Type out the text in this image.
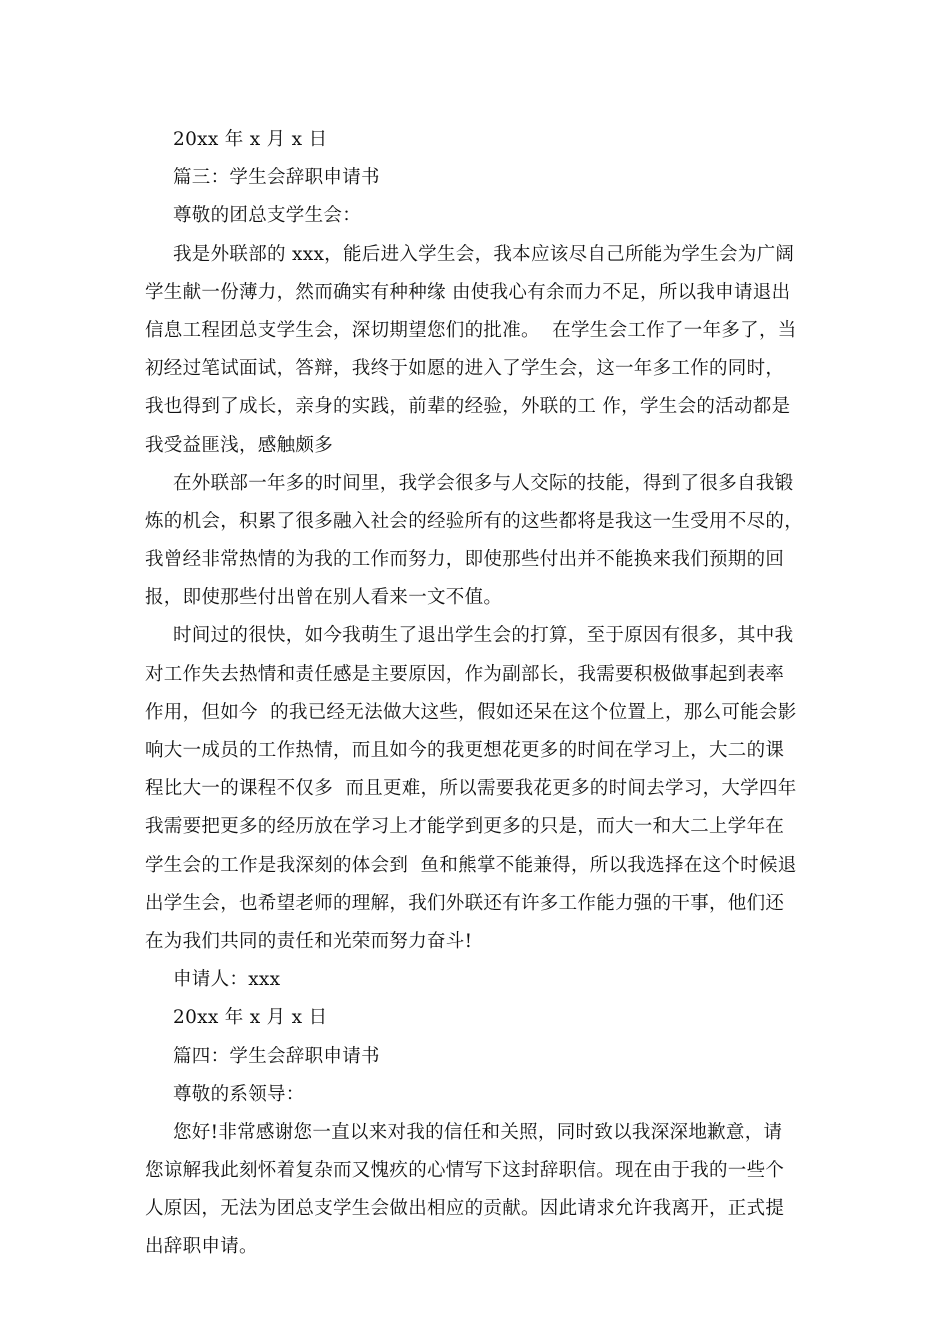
20xx 年 x 月 x 日

篇三：学生会辞职申请书

尊敬的团总支学生会：

我是外联部的 xxx，能后进入学生会，我本应该尽自己所能为学生会为广阔

学生献一份薄力，然而确实有种种缘 由使我心有余而力不足，所以我申请退出

信息工程团总支学生会，深切期望您们的批准。  在学生会工作了一年多了，当

初经过笔试面试，答辩，我终于如愿的进入了学生会，这一年多工作的同时，

我也得到了成长，亲身的实践，前辈的经验，外联的工 作，学生会的活动都是

我受益匪浅，感触颇多

在外联部一年多的时间里，我学会很多与人交际的技能，得到了很多自我锻

炼的机会，积累了很多融入社会的经验所有的这些都将是我这一生受用不尽的，

我曾经非常热情的为我的工作而努力，即使那些付出并不能换来我们预期的回

报，即使那些付出曾在别人看来一文不值。

时间过的很快，如今我萌生了退出学生会的打算，至于原因有很多，其中我

对工作失去热情和责任感是主要原因，作为副部长，我需要积极做事起到表率

作用，但如今  的我已经无法做大这些，假如还呆在这个位置上，那么可能会影

响大一成员的工作热情，而且如今的我更想花更多的时间在学习上，大二的课

程比大一的课程不仅多  而且更难，所以需要我花更多的时间去学习，大学四年

我需要把更多的经历放在学习上才能学到更多的只是，而大一和大二上学年在

学生会的工作是我深刻的体会到  鱼和熊掌不能兼得，所以我选择在这个时候退

出学生会，也希望老师的理解，我们外联还有许多工作能力强的干事，他们还

在为我们共同的责任和光荣而努力奋斗!

申请人：xxx

20xx 年 x 月 x 日

篇四：学生会辞职申请书

尊敬的系领导：

您好!非常感谢您一直以来对我的信任和关照，同时致以我深深地歉意，请

您谅解我此刻怀着复杂而又愧疚的心情写下这封辞职信。现在由于我的一些个

人原因，无法为团总支学生会做出相应的贡献。因此请求允许我离开，正式提

出辞职申请。
